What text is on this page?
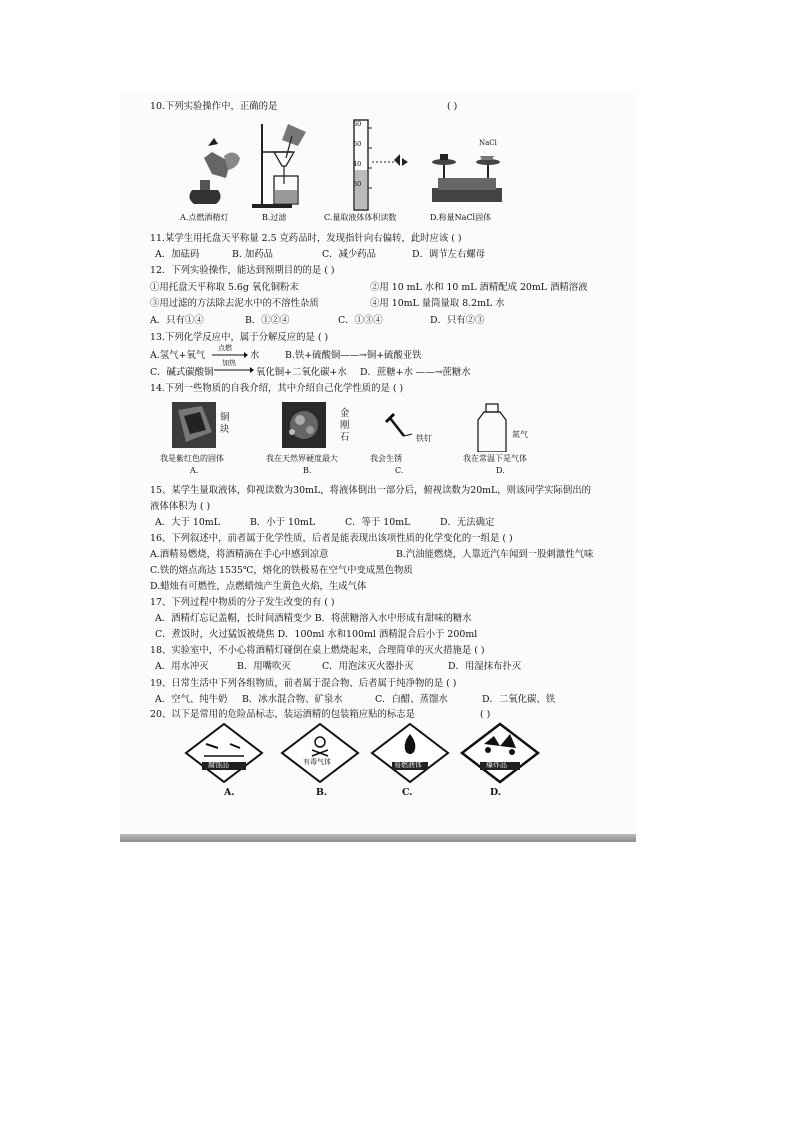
10.下列实验操作中，正确的是	( )
60
50
40
30
NaCl
A.点燃酒精灯	B.过滤	C.量取液体体积读数	D.称量NaCl固体
11.某学生用托盘天平称量 2.5 克药品时，发现指针向右偏转，此时应该 ( )
A．加砝码	B. 加药品	C．减少药品	D．调节左右螺母
12．下列实验操作，能达到预期目的的是 ( )
①用托盘天平称取 5.6g 氧化铜粉末	②用 10 mL 水和 10 mL 酒精配成 20mL 酒精溶液
③用过滤的方法除去泥水中的不溶性杂质	④用 10mL 量筒量取 8.2mL 水
A．只有①④	B．①②④	C．①③④	D．只有②③
13.下列化学反应中，属于分解反应的是 ( )
A.氢气+氧气
点燃
水	B.铁+硫酸铜——→铜+硫酸亚铁
C．碱式碳酸铜
加热
氧化铜+二氧化碳+水 D．蔗糖+水 ——→蔗糖水
14.下列一些物质的自我介绍，其中介绍自己化学性质的是 ( )
铜块
金刚石	铁钉	氮气
我是紫红色的固体	我在天然界硬度最大	我会生锈	我在常温下是气体
A.	B.	C.	D.
15、某学生量取液体，仰视读数为30mL，将液体倒出一部分后，俯视读数为20mL，则该同学实际倒出的
液体体积为 ( )
A．大于 10mL	B．小于 10mL	C．等于 10mL	D．无法确定
16、下列叙述中，前者属于化学性质，后者是能表现出该项性质的化学变化的一组是 ( )
A.酒精易燃烧，将酒精滴在手心中感到凉意	B.汽油能燃烧，人靠近汽车闻到一股刺激性气味
C.铁的熔点高达 1535℃，熔化的铁极易在空气中变成黑色物质
D.蜡烛有可燃性，点燃蜡烛产生黄色火焰，生成气体
17、下列过程中物质的分子发生改变的有 ( )
A．酒精灯忘记盖帽，长时间酒精变少 B．将蔗糖溶入水中形成有甜味的糖水
C．煮饭时，火过猛饭被烧焦 D．100ml 水和100ml 酒精混合后小于 200ml
18、实验室中，不小心将酒精灯碰倒在桌上燃烧起来，合理简单的灭火措施是 ( )
A．用水冲灭	B．用嘴吹灭	C．用泡沫灭火器扑灭	D．用湿抹布扑灭
19、日常生活中下列各组物质，前者属于混合物、后者属于纯净物的是 ( )
A．空气、纯牛奶 B．冰水混合物、矿泉水	C．白醋、蒸馏水	D．二氧化碳、铁
20、以下是常用的危险品标志，装运酒精的包装箱应贴的标志是	( )
腐蚀品	有毒气体	易燃液体	爆炸品
A.	B.	C.	D.
